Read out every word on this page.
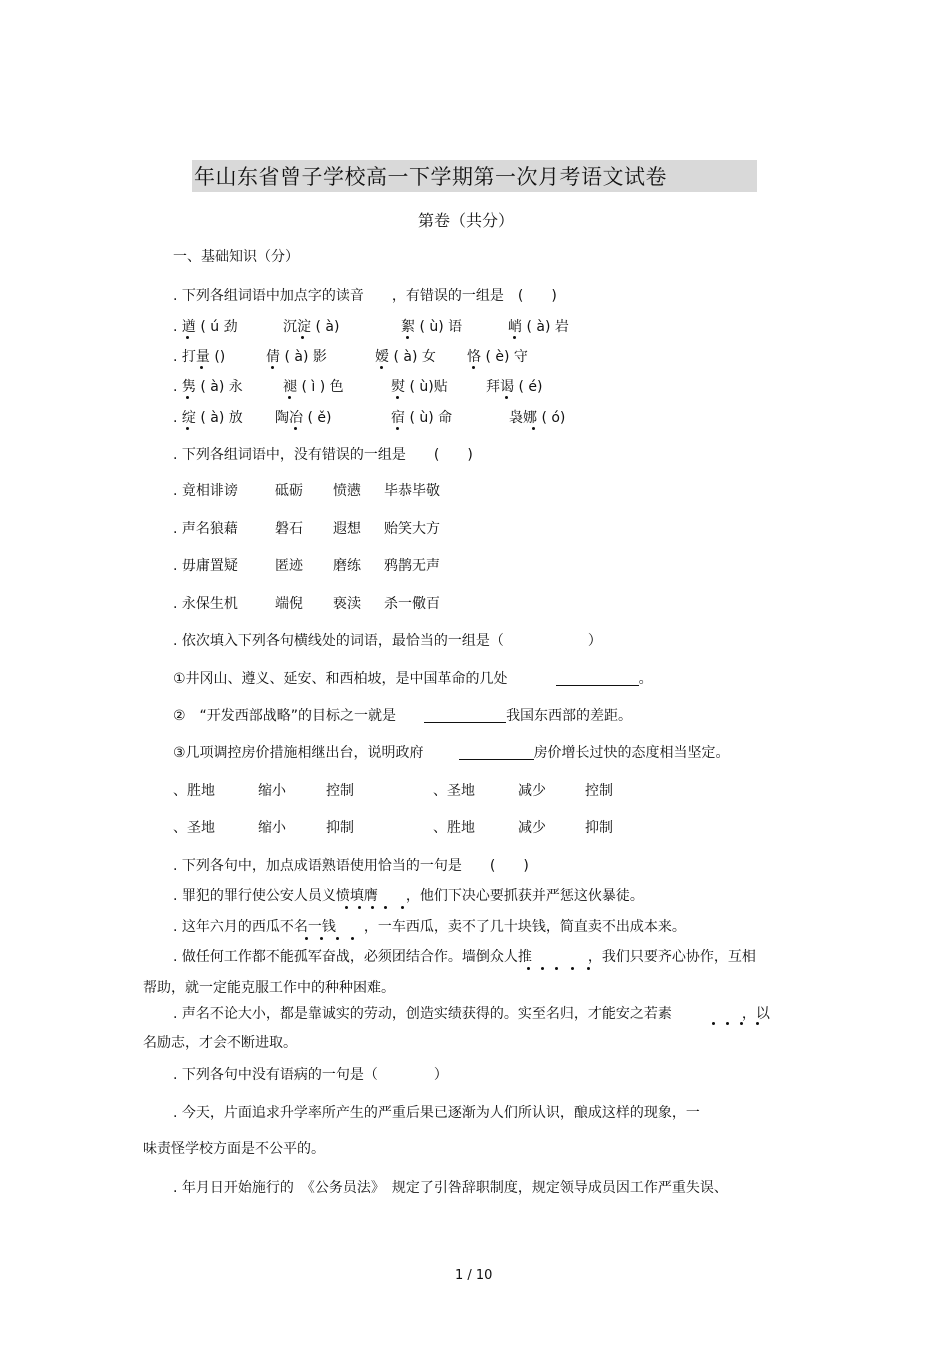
年山东省曾子学校高一下学期第一次月考语文试卷
第卷（共分）
一、基础知识（分）
. 下列各组词语中加点字的读音　　，有错误的一组是　(　　)
. 遒 ( ú 劲	沉淀 ( à)	絮 ( ù) 语	峭 ( à) 岩
. 打量 ()	倩 ( à) 影	嫒 ( à) 女 恪 ( è) 守
. 隽 ( à) 永	褪 ( ì ) 色	熨 ( ù)贴	拜谒 ( é)
. 绽 ( à) 放 陶冶 ( ě)	宿 ( ù) 命	袅娜 ( ó)
. 下列各组词语中，没有错误的一组是　　(　　)
. 竟相诽谤	砥砺 愤懑 毕恭毕敬
. 声名狼藉	磐石 遐想 贻笑大方
. 毋庸置疑	匿迹 磨练 鸦鹊无声
. 永保生机	端倪 亵渎 杀一儆百
. 依次填入下列各句横线处的词语，最恰当的一组是（　　　　　　）
①井冈山、遵义、延安、和西柏坡，是中国革命的几处	。
②　“开发西部战略”的目标之一就是	我国东西部的差距。
③几项调控房价措施相继出台，说明政府	房价增长过快的态度相当坚定。
、胜地	缩小	控制	、圣地	减少	控制
、圣地	缩小	抑制	、胜地	减少	抑制
. 下列各句中，加点成语熟语使用恰当的一句是　　(　　)
. 罪犯的罪行使公安人员义愤填膺　　，他们下决心要抓获并严惩这伙暴徒。
. 这年六月的西瓜不名一钱　　，一车西瓜，卖不了几十块钱，简直卖不出成本来。
. 做任何工作都不能孤军奋战，必须团结合作。墙倒众人推　　　　，我们只要齐心协作，互相
帮助，就一定能克服工作中的种种困难。
. 声名不论大小，都是靠诚实的劳动，创造实绩获得的。实至名归，才能安之若素　　　　　，以
名励志，才会不断进取。
. 下列各句中没有语病的一句是（　　　　）
. 今天，片面追求升学率所产生的严重后果已逐渐为人们所认识，酿成这样的现象，一
味责怪学校方面是不公平的。
. 年月日开始施行的　《公务员法》　规定了引咎辞职制度，规定领导成员因工作严重失误、
1 / 10
